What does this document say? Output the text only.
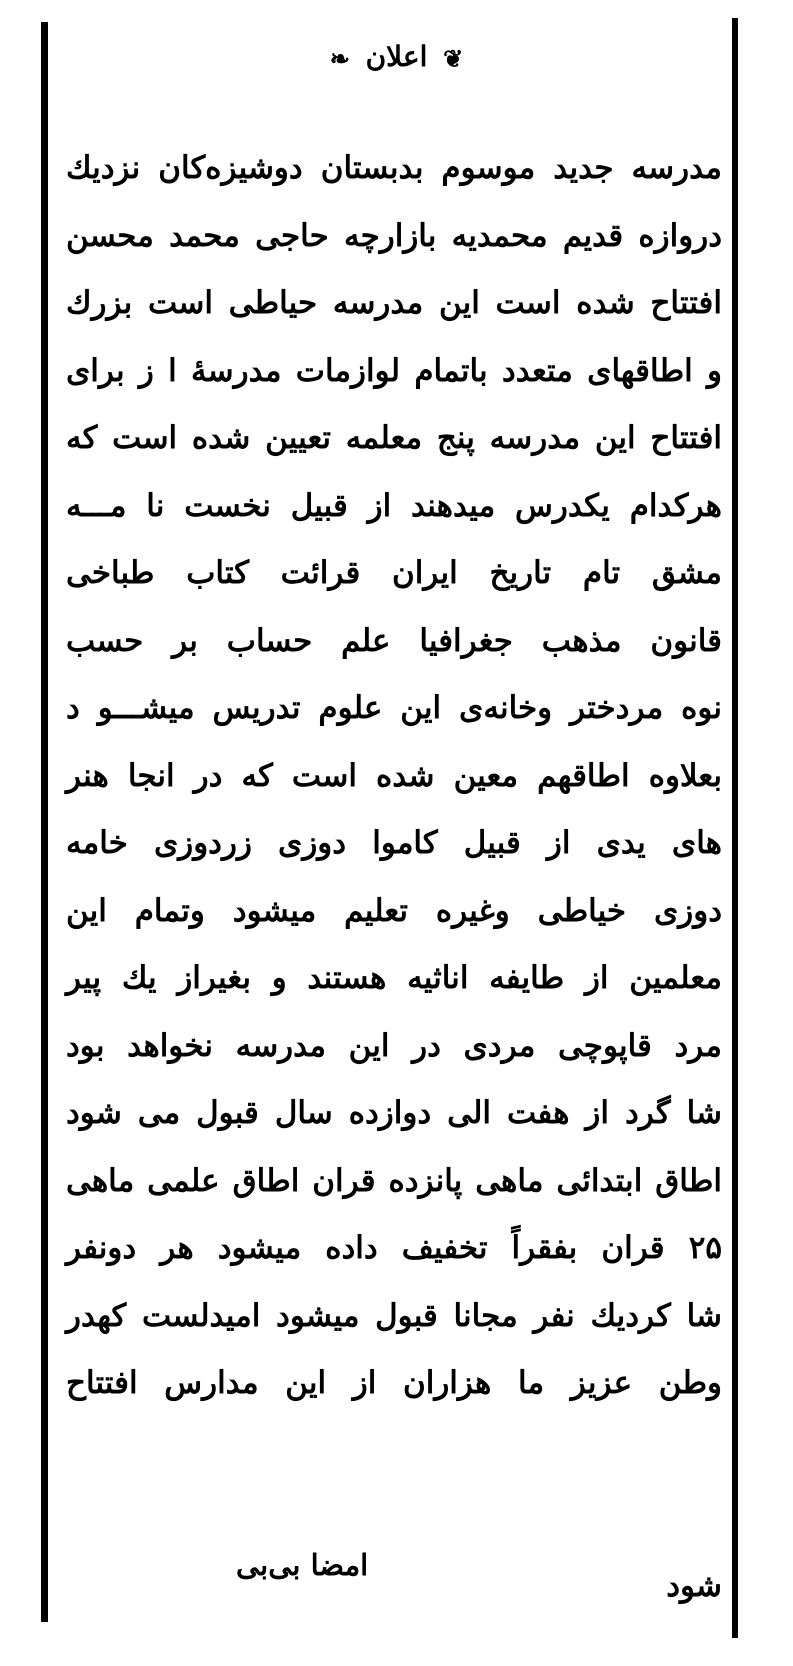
❦ اعلان ❧
مدرسه جدید موسوم بدبستان دوشیزه‌کان نزدیك
دروازه قدیم محمدیه بازارچه حاجی محمد محسن
افتتاح شده است این مدرسه حیاطی است بزرك
و اطاقهای متعدد باتمام لوازمات مدرسهٔ ا ز برای
افتتاح این مدرسه پنج معلمه تعیین شده است که
هرکدام یکدرس میدهند از قبیل نخست نا مـــه
مشق تام تاریخ ایران قرائت کتاب طباخی
قانون مذهب جغرافیا علم حساب بر حسب
نوه مردختر وخانه‌ی این علوم تدریس میشـــو د
بعلاوه اطاقهم معین شده است که در انجا هنر
های یدی از قبیل کاموا دوزی زردوزی خامه
دوزی خیاطی وغیره تعلیم میشود وتمام این
معلمین از طایفه اناثیه هستند و بغیراز یك پیر
مرد قاپوچی مردی در این مدرسه نخواهد بود
شا گرد از هفت الی دوازده سال قبول می شود
اطاق ابتدائی ماهی پانزده قران اطاق علمی ماهی
۲۵ قران بفقراً تخفیف داده میشود هر دونفر
شا کردیك نفر مجانا قبول میشود امیدلست کهدر
وطن عزیز ما هزاران از این مدارس افتتاح
شود
امضا بی‌بی
